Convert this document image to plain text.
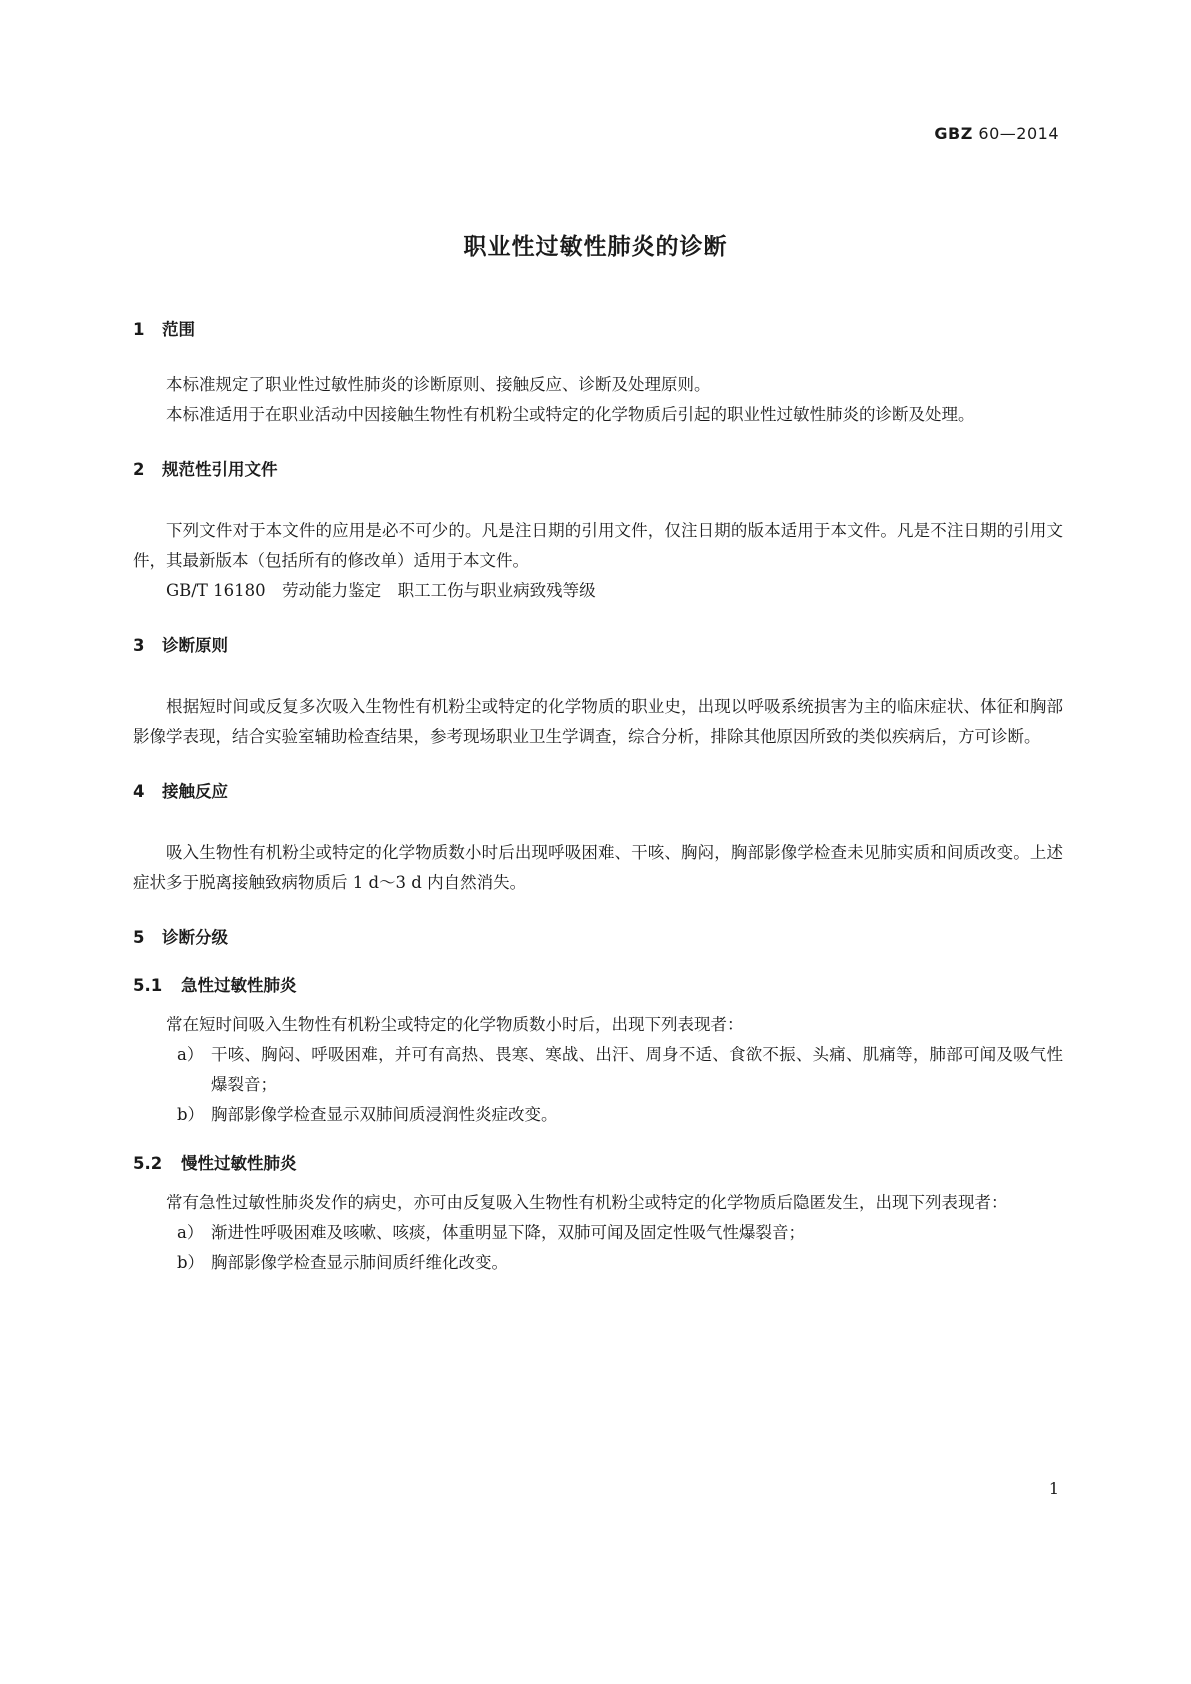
GBZ 60—2014
职业性过敏性肺炎的诊断
1	范围

本标准规定了职业性过敏性肺炎的诊断原则、接触反应、诊断及处理原则。

本标准适用于在职业活动中因接触生物性有机粉尘或特定的化学物质后引起的职业性过敏性肺炎的诊断及处理。

2	规范性引用文件

下列文件对于本文件的应用是必不可少的。凡是注日期的引用文件，仅注日期的版本适用于本文件。凡是不注日期的引用文件，其最新版本（包括所有的修改单）适用于本文件。

GB/T 16180　劳动能力鉴定　职工工伤与职业病致残等级
3	诊断原则

根据短时间或反复多次吸入生物性有机粉尘或特定的化学物质的职业史，出现以呼吸系统损害为主的临床症状、体征和胸部影像学表现，结合实验室辅助检查结果，参考现场职业卫生学调查，综合分析，排除其他原因所致的类似疾病后，方可诊断。

4	接触反应

吸入生物性有机粉尘或特定的化学物质数小时后出现呼吸困难、干咳、胸闷，胸部影像学检查未见肺实质和间质改变。上述症状多于脱离接触致病物质后 1 d～3 d 内自然消失。

5	诊断分级
5.1	急性过敏性肺炎

常在短时间吸入生物性有机粉尘或特定的化学物质数小时后，出现下列表现者：

a） 干咳、胸闷、呼吸困难，并可有高热、畏寒、寒战、出汗、周身不适、食欲不振、头痛、肌痛等，肺部可闻及吸气性爆裂音；
b） 胸部影像学检查显示双肺间质浸润性炎症改变。
5.2	慢性过敏性肺炎

常有急性过敏性肺炎发作的病史，亦可由反复吸入生物性有机粉尘或特定的化学物质后隐匿发生，出现下列表现者：

a） 渐进性呼吸困难及咳嗽、咳痰，体重明显下降，双肺可闻及固定性吸气性爆裂音；
b） 胸部影像学检查显示肺间质纤维化改变。
1
